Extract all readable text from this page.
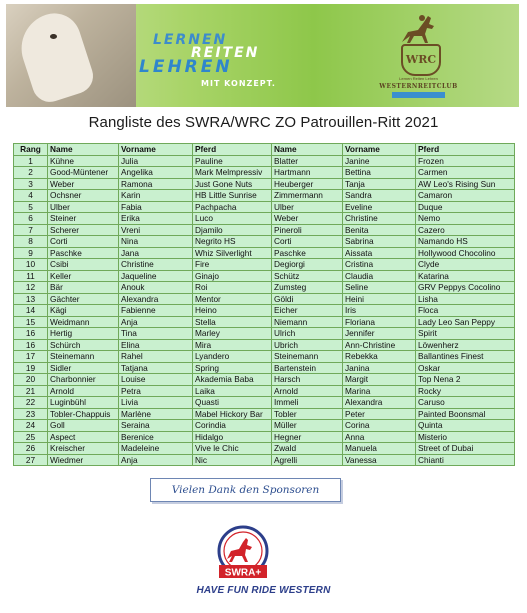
LERNEN
REITEN
LEHREN
MIT KONZEPT.
WRC
Lernen Reiten Lehren
WESTERNREITCLUB
Rangliste des SWRA/WRC ZO Patrouillen-Ritt 2021
Rang	Name	Vorname	Pferd	Name	Vorname	Pferd
1	Kühne	Julia	Pauline	Blatter	Janine	Frozen
2	Good-Müntener	Angelika	Mark Melmpressiv	Hartmann	Bettina	Carmen
3	Weber	Ramona	Just Gone Nuts	Heuberger	Tanja	AW Leo's Rising Sun
4	Ochsner	Karin	HB Little Sunrise	Zimmermann	Sandra	Camaron
5	Ulber	Fabia	Pachpacha	Ulber	Eveline	Duque
6	Steiner	Erika	Luco	Weber	Christine	Nemo
7	Scherer	Vreni	Djamilo	Pineroli	Benita	Cazero
8	Corti	Nina	Negrito HS	Corti	Sabrina	Namando HS
9	Paschke	Jana	Whiz Silverlight	Paschke	Aissata	Hollywood Chocolino
10	Csibi	Christine	Fire	Degiorgi	Cristina	Clyde
11	Keller	Jaqueline	Ginajo	Schütz	Claudia	Katarina
12	Bär	Anouk	Roi	Zumsteg	Seline	GRV Peppys Cocolino
13	Gächter	Alexandra	Mentor	Göldi	Heini	Lisha
14	Kägi	Fabienne	Heino	Eicher	Iris	Floca
15	Weidmann	Anja	Stella	Niemann	Floriana	Lady Leo San Peppy
16	Hertig	Tina	Marley	Ulrich	Jennifer	Spirit
16	Schürch	Elina	Mira	Ubrich	Ann-Christine	Löwenherz
17	Steinemann	Rahel	Lyandero	Steinemann	Rebekka	Ballantines Finest
19	Sidler	Tatjana	Spring	Bartenstein	Janina	Oskar
20	Charbonnier	Louise	Akademia Baba	Harsch	Margit	Top Nena 2
21	Arnold	Petra	Laika	Arnold	Marina	Rocky
22	Luginbühl	Livia	Quasti	Immeli	Alexandra	Caruso
23	Tobler-Chappuis	Marlène	Mabel Hickory Bar	Tobler	Peter	Painted Boonsmal
24	Goll	Seraina	Corindia	Müller	Corina	Quinta
25	Aspect	Berenice	Hidalgo	Hegner	Anna	Misterio
26	Kreischer	Madeleine	Vive le Chic	Zwald	Manuela	Street of Dubai
27	Wiedmer	Anja	Nic	Agrelli	Vanessa	Chianti
Vielen Dank den Sponsoren
SWRA+
HAVE FUN RIDE WESTERN
